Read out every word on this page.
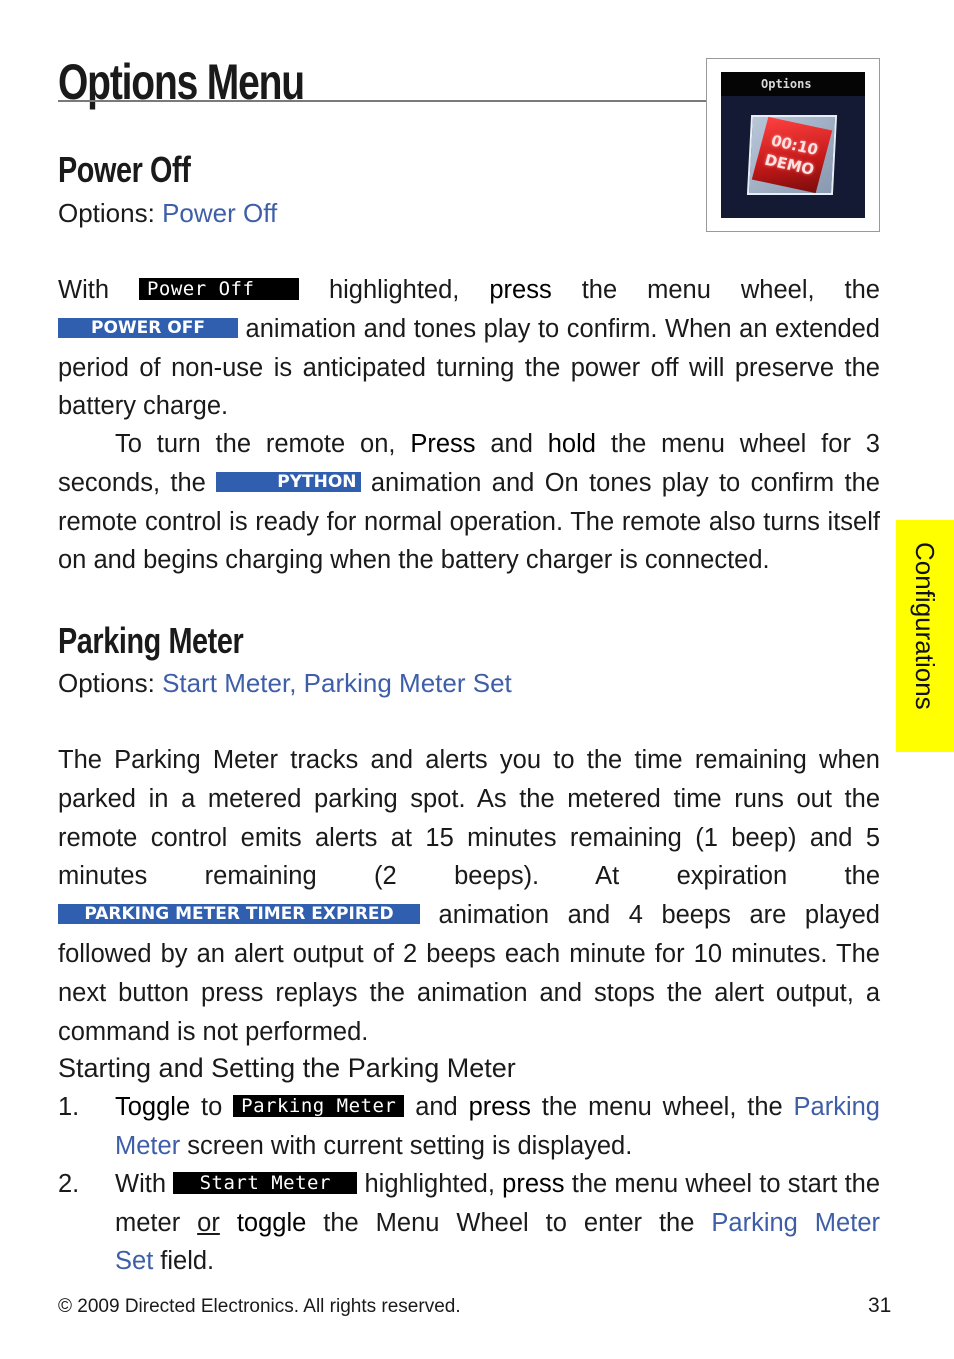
Options Menu	Options
00:10
DEMO
Power Off
Options: Power Off

With Power Off	highlighted, press the menu wheel, the POWER OFF animation and tones play to confirm. When an extended period of non-use is anticipated turning the power off will preserve the battery charge.

To turn the remote on, Press and hold the menu wheel for 3 seconds, the	PYTHON animation and On tones play to confirm the remote control is ready for normal operation. The remote also turns itself on and begins charging when the battery charger is connected.

Parking Meter
Options: Start Meter, Parking Meter Set

The Parking Meter tracks and alerts you to the time remaining when parked in a metered parking spot. As the metered time runs out the remote control emits alerts at 15 minutes remaining (1 beep) and 5 minutes remaining (2 beeps). At expiration the PARKING METER TIMER EXPIRED animation and 4 beeps are played followed by an alert output of 2 beeps each minute for 10 minutes. The next button press replays the animation and stops the alert output, a command is not performed.

Starting and Setting the Parking Meter
1.	Toggle to Parking Meter and press the menu wheel, the Parking Meter screen with current setting is displayed.
2.	With Start Meter highlighted, press the menu wheel to start the meter or toggle the Menu Wheel to enter the Parking Meter Set field.
Configurations
© 2009 Directed Electronics. All rights reserved.	31
